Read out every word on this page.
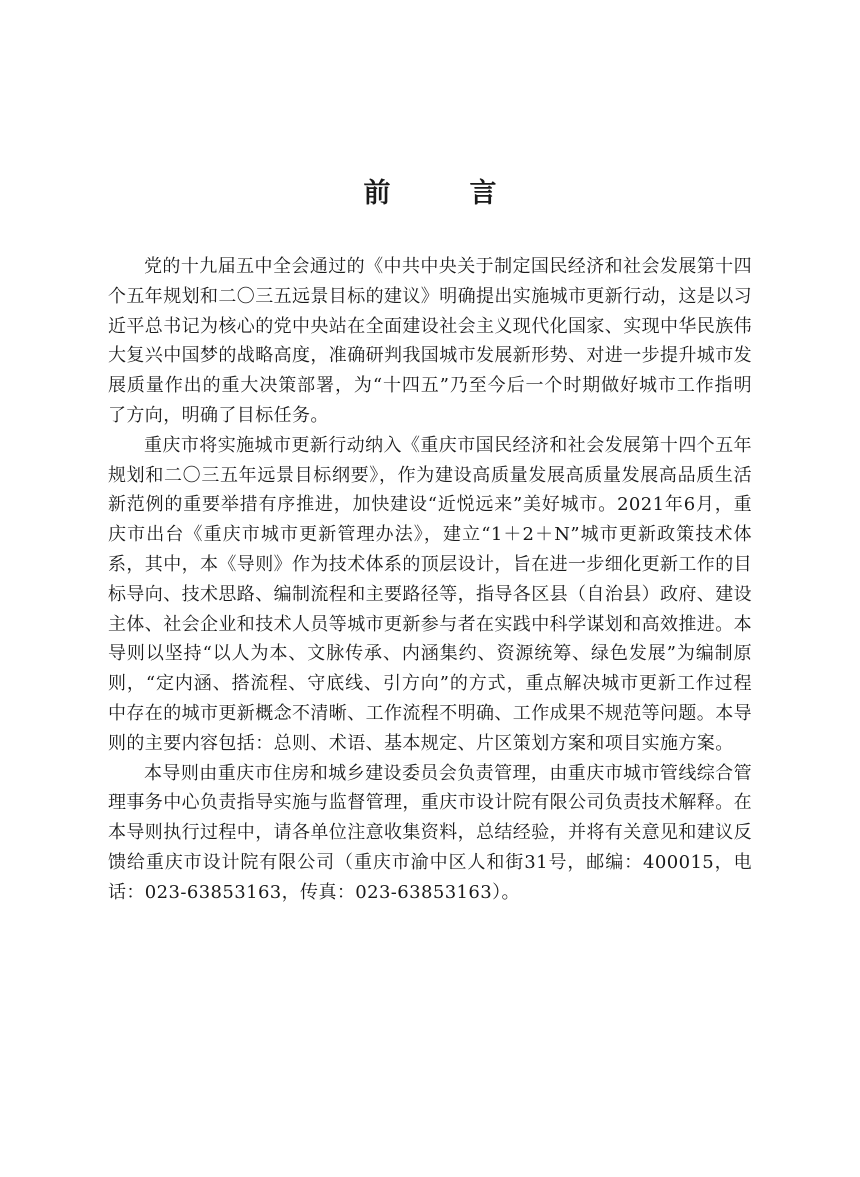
前　言

党的十九届五中全会通过的《中共中央关于制定国民经济和社会发展第十四个五年规划和二〇三五远景目标的建议》明确提出实施城市更新行动，这是以习近平总书记为核心的党中央站在全面建设社会主义现代化国家、实现中华民族伟大复兴中国梦的战略高度，准确研判我国城市发展新形势、对进一步提升城市发展质量作出的重大决策部署，为“十四五”乃至今后一个时期做好城市工作指明了方向，明确了目标任务。

重庆市将实施城市更新行动纳入《重庆市国民经济和社会发展第十四个五年规划和二〇三五年远景目标纲要》，作为建设高质量发展高质量发展高品质生活新范例的重要举措有序推进，加快建设“近悦远来”美好城市。2021年6月，重庆市出台《重庆市城市更新管理办法》，建立“1＋2＋N”城市更新政策技术体系，其中，本《导则》作为技术体系的顶层设计，旨在进一步细化更新工作的目标导向、技术思路、编制流程和主要路径等，指导各区县（自治县）政府、建设主体、社会企业和技术人员等城市更新参与者在实践中科学谋划和高效推进。本导则以坚持“以人为本、文脉传承、内涵集约、资源统筹、绿色发展”为编制原则，“定内涵、搭流程、守底线、引方向”的方式，重点解决城市更新工作过程中存在的城市更新概念不清晰、工作流程不明确、工作成果不规范等问题。本导则的主要内容包括：总则、术语、基本规定、片区策划方案和项目实施方案。

本导则由重庆市住房和城乡建设委员会负责管理，由重庆市城市管线综合管理事务中心负责指导实施与监督管理，重庆市设计院有限公司负责技术解释。在本导则执行过程中，请各单位注意收集资料，总结经验，并将有关意见和建议反馈给重庆市设计院有限公司（重庆市渝中区人和街31号，邮编：400015，电话：023-63853163，传真：023-63853163）。
